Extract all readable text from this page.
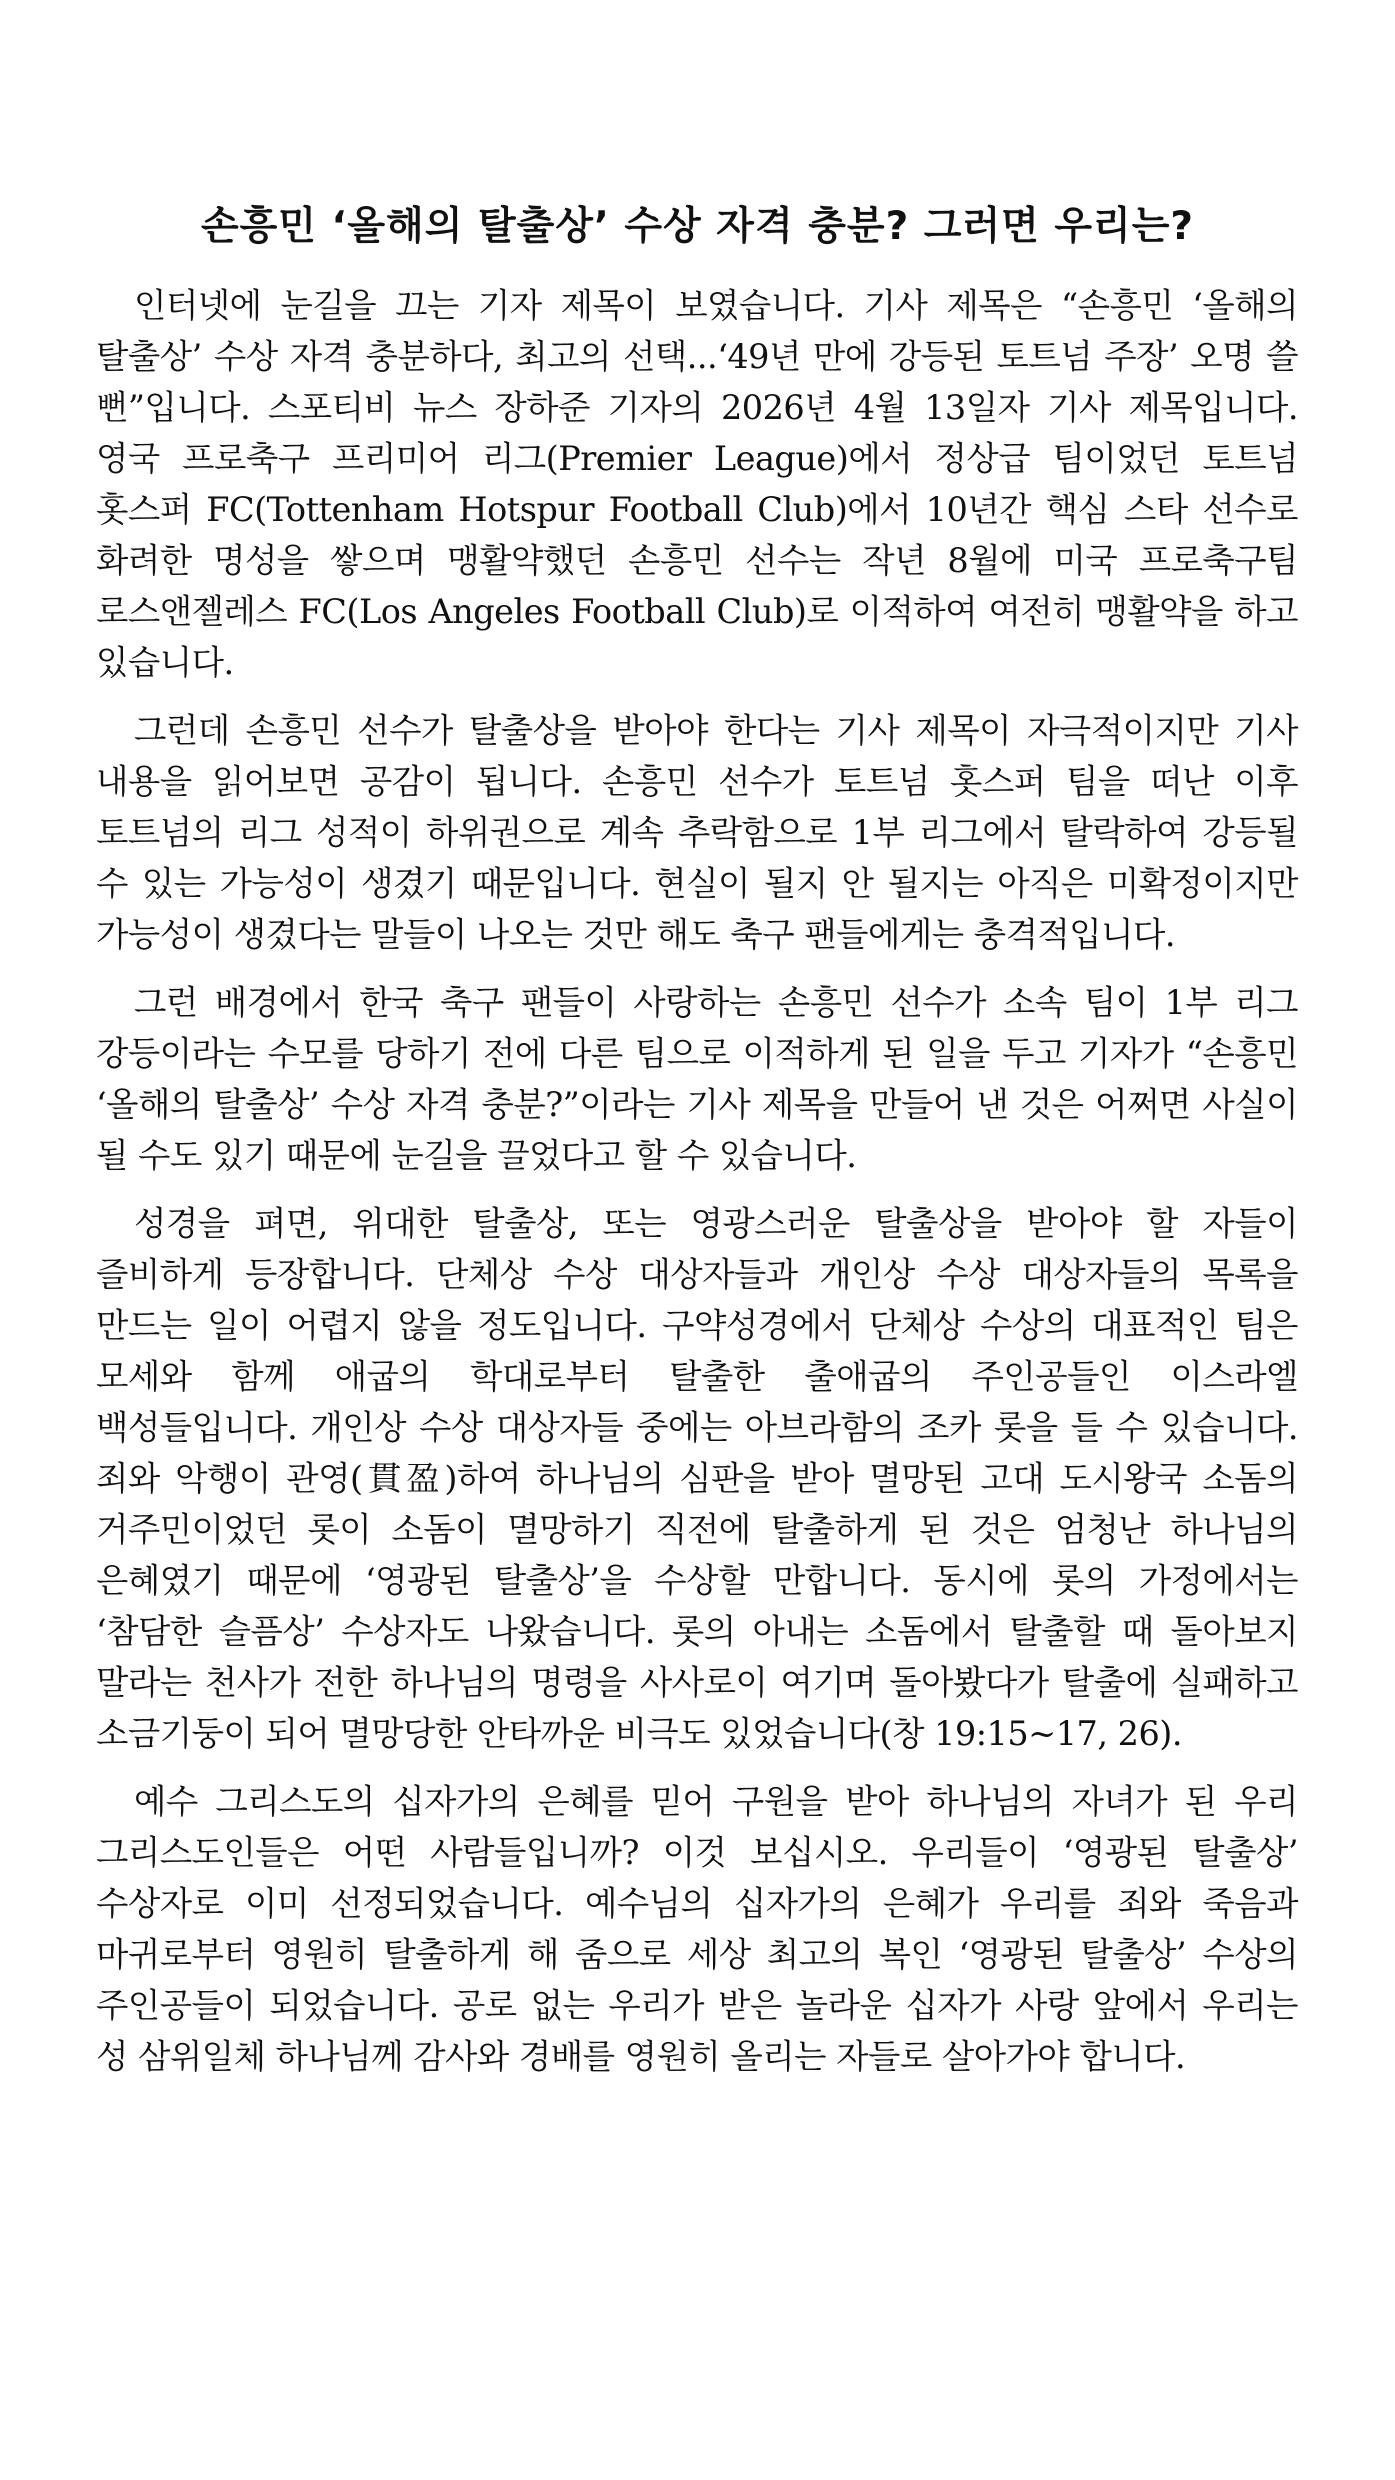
손흥민 ‘올해의 탈출상’ 수상 자격 충분? 그러면 우리는?

인터넷에 눈길을 끄는 기자 제목이 보였습니다. 기사 제목은 “손흥민 ‘올해의 탈출상’ 수상 자격 충분하다, 최고의 선택...‘49년 만에 강등된 토트넘 주장’ 오명 쓸 뻔”입니다. 스포티비 뉴스 장하준 기자의 2026년 4월 13일자 기사 제목입니다. 영국 프로축구 프리미어 리그(Premier League)에서 정상급 팀이었던 토트넘 홋스퍼 FC(Tottenham Hotspur Football Club)에서 10년간 핵심 스타 선수로 화려한 명성을 쌓으며 맹활약했던 손흥민 선수는 작년 8월에 미국 프로축구팀 로스앤젤레스 FC(Los Angeles Football Club)로 이적하여 여전히 맹활약을 하고 있습니다.

그런데 손흥민 선수가 탈출상을 받아야 한다는 기사 제목이 자극적이지만 기사 내용을 읽어보면 공감이 됩니다. 손흥민 선수가 토트넘 홋스퍼 팀을 떠난 이후 토트넘의 리그 성적이 하위권으로 계속 추락함으로 1부 리그에서 탈락하여 강등될 수 있는 가능성이 생겼기 때문입니다. 현실이 될지 안 될지는 아직은 미확정이지만 가능성이 생겼다는 말들이 나오는 것만 해도 축구 팬들에게는 충격적입니다.

그런 배경에서 한국 축구 팬들이 사랑하는 손흥민 선수가 소속 팀이 1부 리그 강등이라는 수모를 당하기 전에 다른 팀으로 이적하게 된 일을 두고 기자가 “손흥민 ‘올해의 탈출상’ 수상 자격 충분?”이라는 기사 제목을 만들어 낸 것은 어쩌면 사실이 될 수도 있기 때문에 눈길을 끌었다고 할 수 있습니다.

성경을 펴면, 위대한 탈출상, 또는 영광스러운 탈출상을 받아야 할 자들이 즐비하게 등장합니다. 단체상 수상 대상자들과 개인상 수상 대상자들의 목록을 만드는 일이 어렵지 않을 정도입니다. 구약성경에서 단체상 수상의 대표적인 팀은 모세와 함께 애굽의 학대로부터 탈출한 출애굽의 주인공들인 이스라엘 백성들입니다. 개인상 수상 대상자들 중에는 아브라함의 조카 롯을 들 수 있습니다. 죄와 악행이 관영(貫盈)하여 하나님의 심판을 받아 멸망된 고대 도시왕국 소돔의 거주민이었던 롯이 소돔이 멸망하기 직전에 탈출하게 된 것은 엄청난 하나님의 은혜였기 때문에 ‘영광된 탈출상’을 수상할 만합니다. 동시에 롯의 가정에서는 ‘참담한 슬픔상’ 수상자도 나왔습니다. 롯의 아내는 소돔에서 탈출할 때 돌아보지 말라는 천사가 전한 하나님의 명령을 사사로이 여기며 돌아봤다가 탈출에 실패하고 소금기둥이 되어 멸망당한 안타까운 비극도 있었습니다(창 19:15~17, 26).

예수 그리스도의 십자가의 은혜를 믿어 구원을 받아 하나님의 자녀가 된 우리 그리스도인들은 어떤 사람들입니까? 이것 보십시오. 우리들이 ‘영광된 탈출상’ 수상자로 이미 선정되었습니다. 예수님의 십자가의 은혜가 우리를 죄와 죽음과 마귀로부터 영원히 탈출하게 해 줌으로 세상 최고의 복인 ‘영광된 탈출상’ 수상의 주인공들이 되었습니다. 공로 없는 우리가 받은 놀라운 십자가 사랑 앞에서 우리는 성 삼위일체 하나님께 감사와 경배를 영원히 올리는 자들로 살아가야 합니다.
